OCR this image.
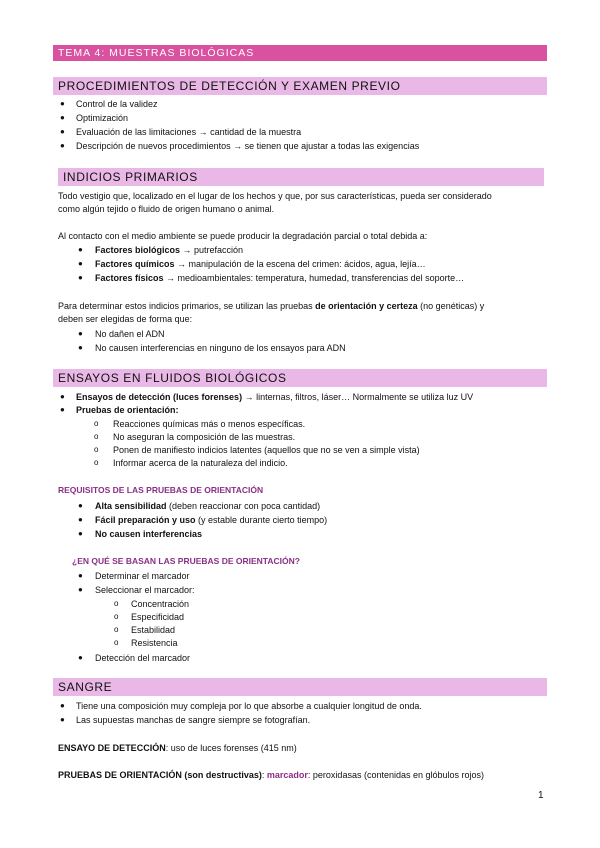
TEMA 4: MUESTRAS BIOLÓGICAS
PROCEDIMIENTOS DE DETECCIÓN Y EXAMEN PREVIO
● Control de la validez
● Optimización
● Evaluación de las limitaciones → cantidad de la muestra
● Descripción de nuevos procedimientos → se tienen que ajustar a todas las exigencias
INDICIOS PRIMARIOS
Todo vestigio que, localizado en el lugar de los hechos y que, por sus características, pueda ser considerado
como algún tejido o fluido de origen humano o animal.
Al contacto con el medio ambiente se puede producir la degradación parcial o total debida a:
● Factores biológicos → putrefacción
● Factores químicos → manipulación de la escena del crimen: ácidos, agua, lejía…
● Factores físicos → medioambientales: temperatura, humedad, transferencias del soporte…
Para determinar estos indicios primarios, se utilizan las pruebas de orientación y certeza (no genéticas) y
deben ser elegidas de forma que:
● No dañen el ADN
● No causen interferencias en ninguno de los ensayos para ADN
ENSAYOS EN FLUIDOS BIOLÓGICOS
● Ensayos de detección (luces forenses) → linternas, filtros, láser… Normalmente se utiliza luz UV
● Pruebas de orientación:
o Reacciones químicas más o menos específicas.
o No aseguran la composición de las muestras.
o Ponen de manifiesto indicios latentes (aquellos que no se ven a simple vista)
o Informar acerca de la naturaleza del indicio.
REQUISITOS DE LAS PRUEBAS DE ORIENTACIÓN
● Alta sensibilidad (deben reaccionar con poca cantidad)
● Fácil preparación y uso (y estable durante cierto tiempo)
● No causen interferencias
¿EN QUÉ SE BASAN LAS PRUEBAS DE ORIENTACIÓN?
● Determinar el marcador
● Seleccionar el marcador:
o Concentración
o Especificidad
o Estabilidad
o Resistencia
● Detección del marcador
SANGRE
● Tiene una composición muy compleja por lo que absorbe a cualquier longitud de onda.
● Las supuestas manchas de sangre siempre se fotografían.
ENSAYO DE DETECCIÓN: uso de luces forenses (415 nm)
PRUEBAS DE ORIENTACIÓN (son destructivas): marcador: peroxidasas (contenidas en glóbulos rojos)
1
